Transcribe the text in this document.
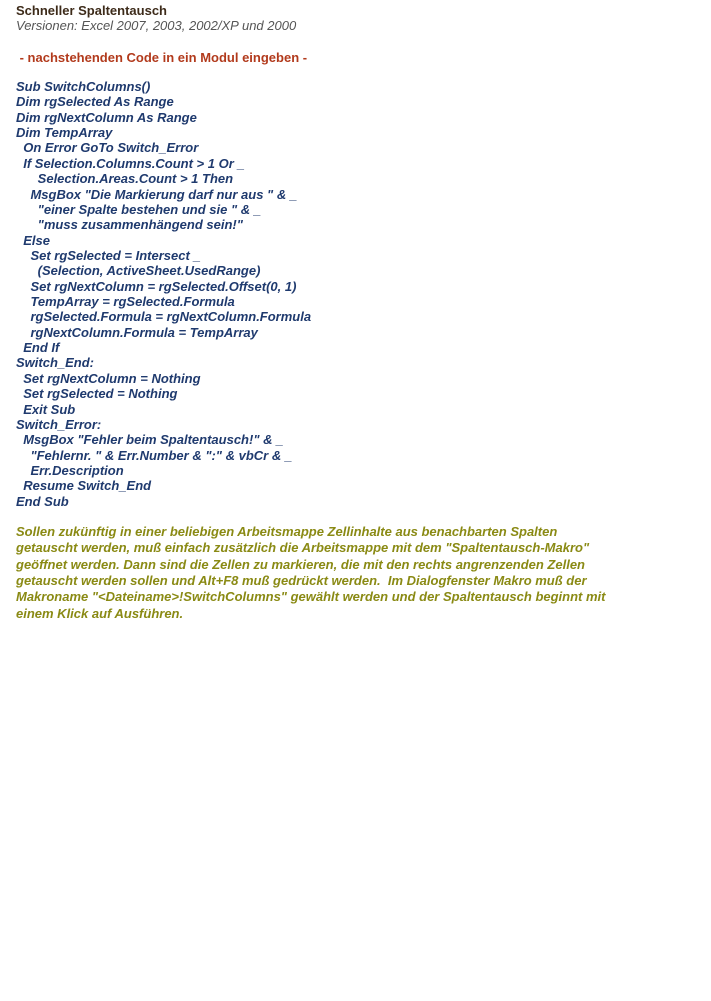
Schneller Spaltentausch
Versionen: Excel 2007, 2003, 2002/XP und 2000
- nachstehenden Code in ein Modul eingeben -
Sub SwitchColumns()
Dim rgSelected As Range
Dim rgNextColumn As Range
Dim TempArray
On Error GoTo Switch_Error
If Selection.Columns.Count > 1 Or _
Selection.Areas.Count > 1 Then
MsgBox "Die Markierung darf nur aus " & _
"einer Spalte bestehen und sie " & _
"muss zusammenhängend sein!"
Else
Set rgSelected = Intersect _
(Selection, ActiveSheet.UsedRange)
Set rgNextColumn = rgSelected.Offset(0, 1)
TempArray = rgSelected.Formula
rgSelected.Formula = rgNextColumn.Formula
rgNextColumn.Formula = TempArray
End If
Switch_End:
Set rgNextColumn = Nothing
Set rgSelected = Nothing
Exit Sub
Switch_Error:
MsgBox "Fehler beim Spaltentausch!" & _
"Fehlernr. " & Err.Number & ":" & vbCr & _
Err.Description
Resume Switch_End
End Sub
Sollen zukünftig in einer beliebigen Arbeitsmappe Zellinhalte aus benachbarten Spalten
getauscht werden, muß einfach zusätzlich die Arbeitsmappe mit dem "Spaltentausch-Makro"
geöffnet werden. Dann sind die Zellen zu markieren, die mit den rechts angrenzenden Zellen
getauscht werden sollen und Alt+F8 muß gedrückt werden.  Im Dialogfenster Makro muß der
Makroname "<Dateiname>!SwitchColumns" gewählt werden und der Spaltentausch beginnt mit
einem Klick auf Ausführen.
